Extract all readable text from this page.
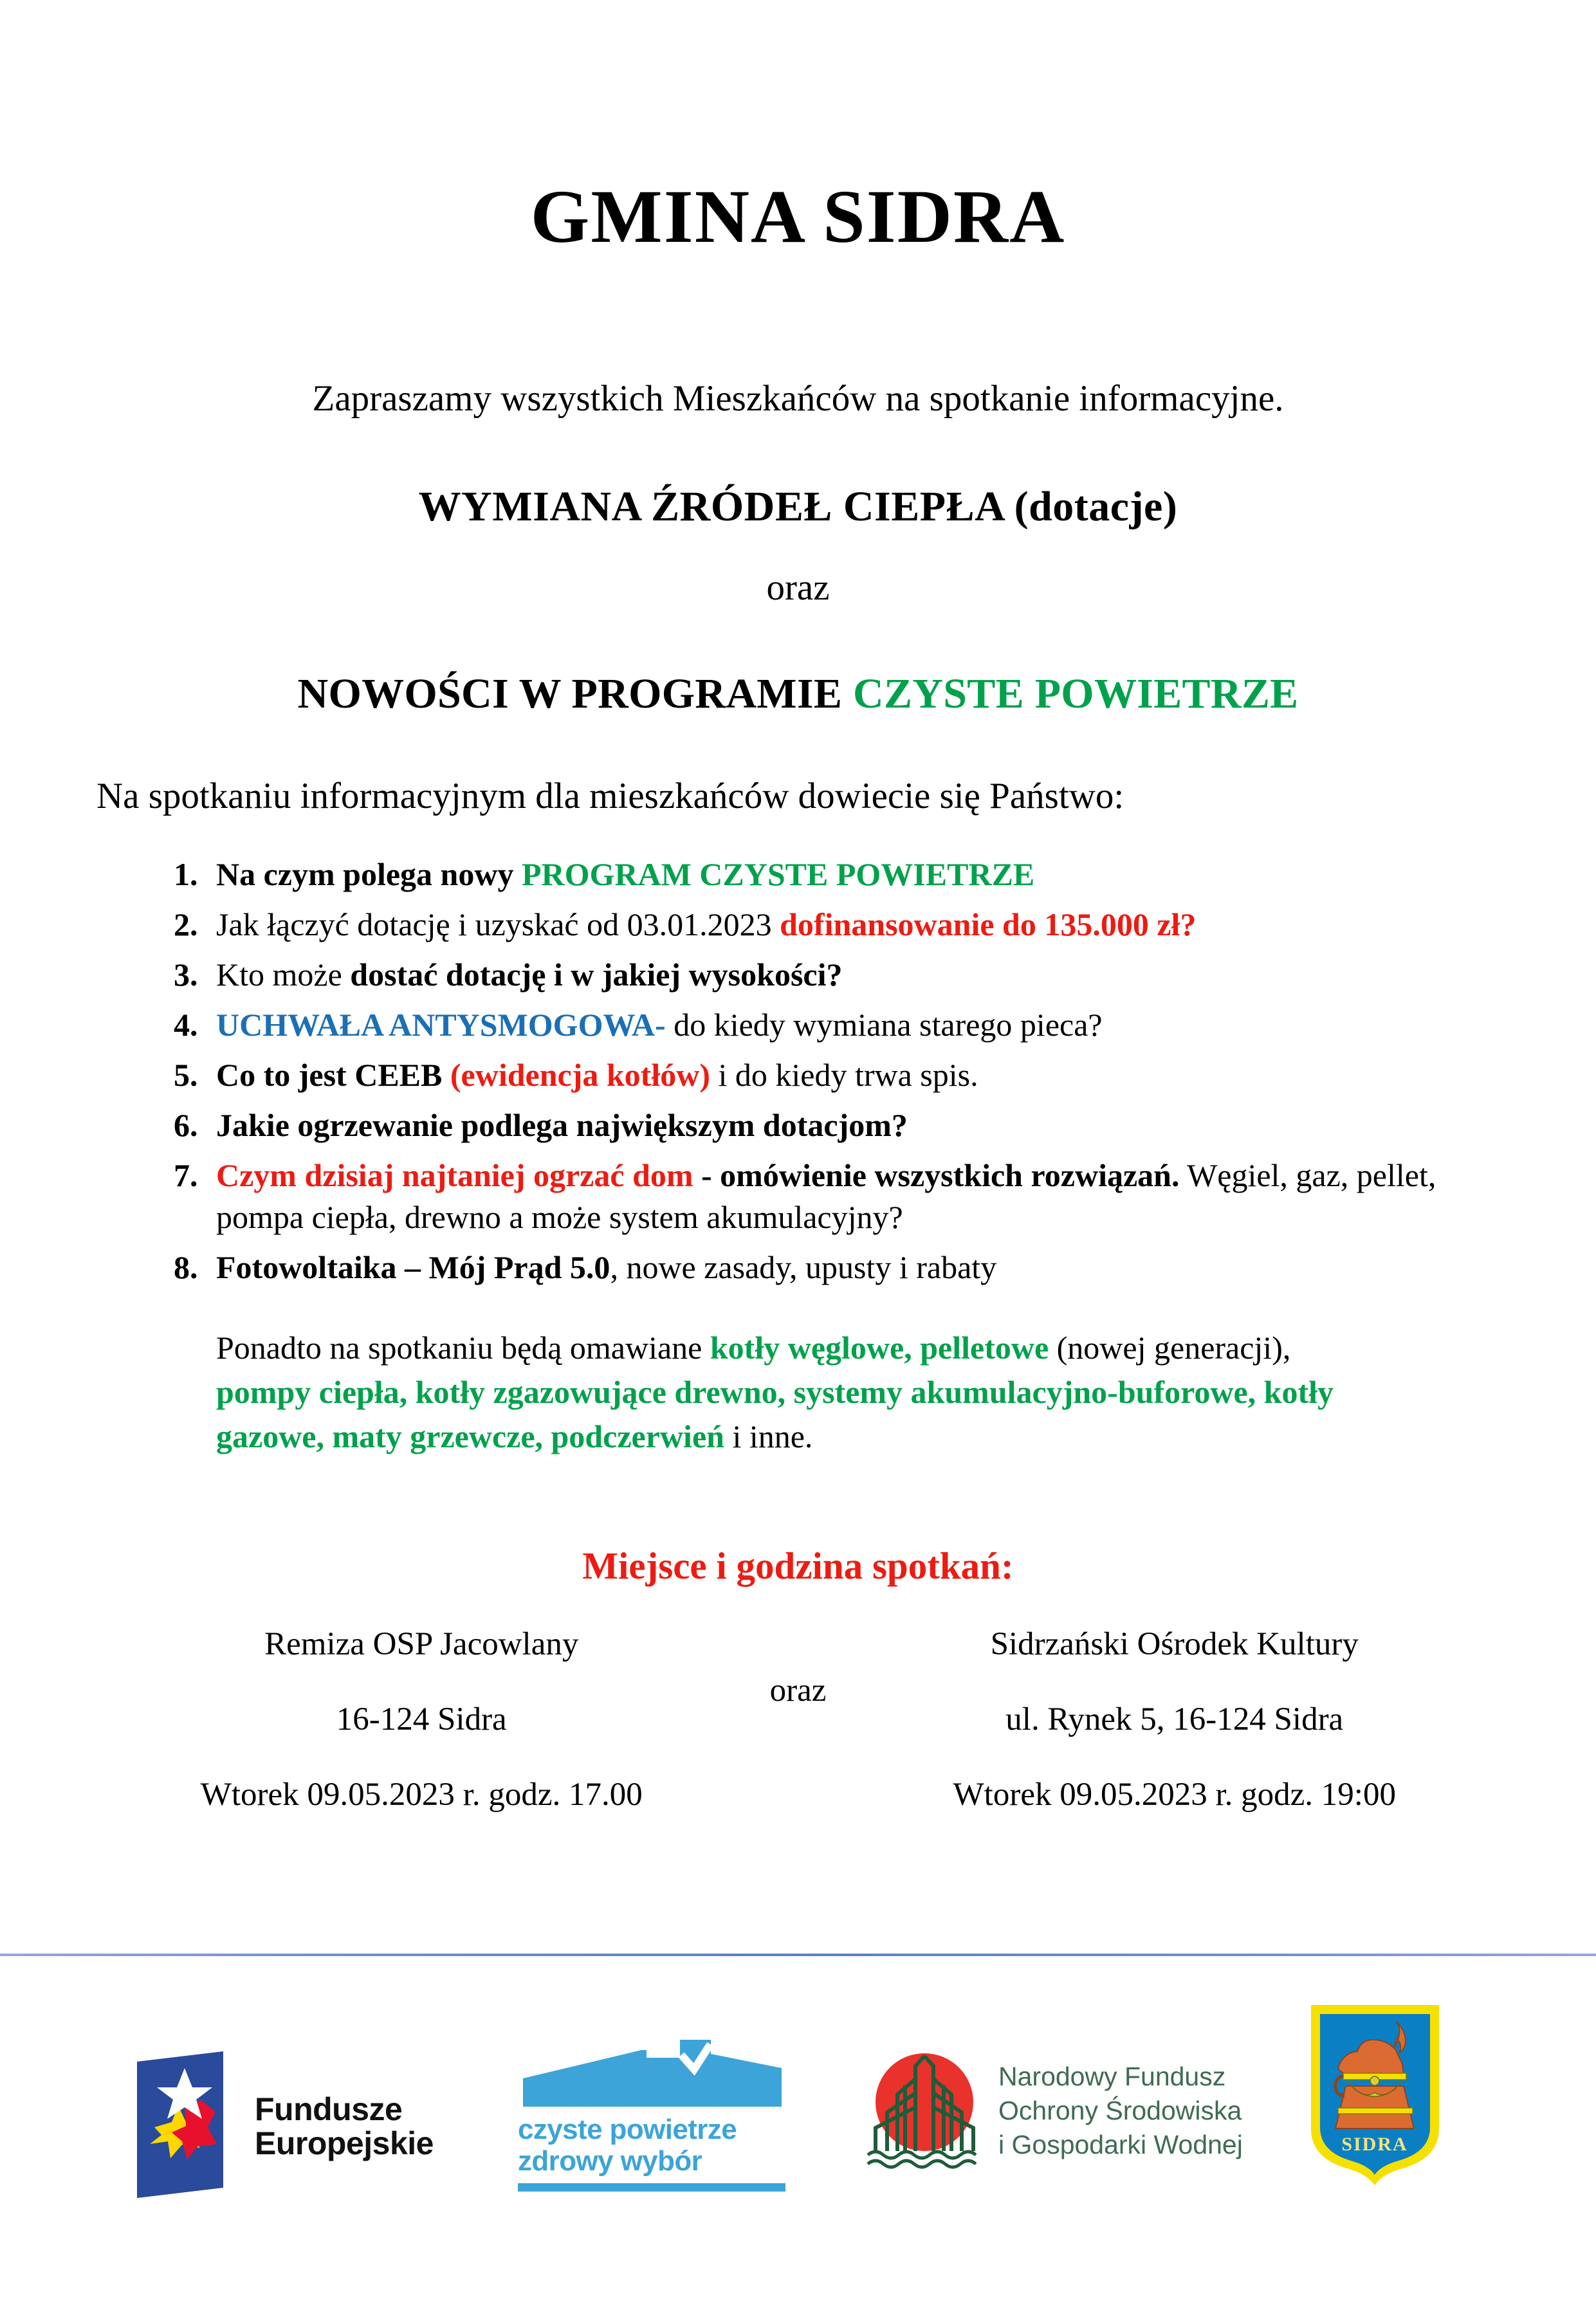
GMINA SIDRA

Zapraszamy wszystkich Mieszkańców na spotkanie informacyjne.

WYMIANA ŹRÓDEŁ CIEPŁA (dotacje)

oraz

NOWOŚCI W PROGRAMIE CZYSTE POWIETRZE

Na spotkaniu informacyjnym dla mieszkańców dowiecie się Państwo:

Na czym polega nowy PROGRAM CZYSTE POWIETRZE
Jak łączyć dotację i uzyskać od 03.01.2023 dofinansowanie do 135.000 zł?
Kto może dostać dotację i w jakiej wysokości?
UCHWAŁA ANTYSMOGOWA- do kiedy wymiana starego pieca?
Co to jest CEEB (ewidencja kotłów) i do kiedy trwa spis.
Jakie ogrzewanie podlega największym dotacjom?
Czym dzisiaj najtaniej ogrzać dom - omówienie wszystkich rozwiązań. Węgiel, gaz, pellet, pompa ciepła, drewno a może system akumulacyjny?
Fotowoltaika – Mój Prąd 5.0, nowe zasady, upusty i rabaty

Ponadto na spotkaniu będą omawiane kotły węglowe, pelletowe (nowej generacji), pompy ciepła, kotły zgazowujące drewno, systemy akumulacyjno-buforowe, kotły gazowe, maty grzewcze, podczerwień i inne.

Miejsce i godzina spotkań:
Remiza OSP Jacowlany
16-124 Sidra
Wtorek 09.05.2023 r. godz. 17.00
oraz
Sidrzański Ośrodek Kultury
ul. Rynek 5, 16-124 Sidra
Wtorek 09.05.2023 r. godz. 19:00
Fundusze
Europejskie	czyste powietrze
zdrowy wybór
Narodowy Fundusz
Ochrony Środowiska
i Gospodarki Wodnej	SIDRA
